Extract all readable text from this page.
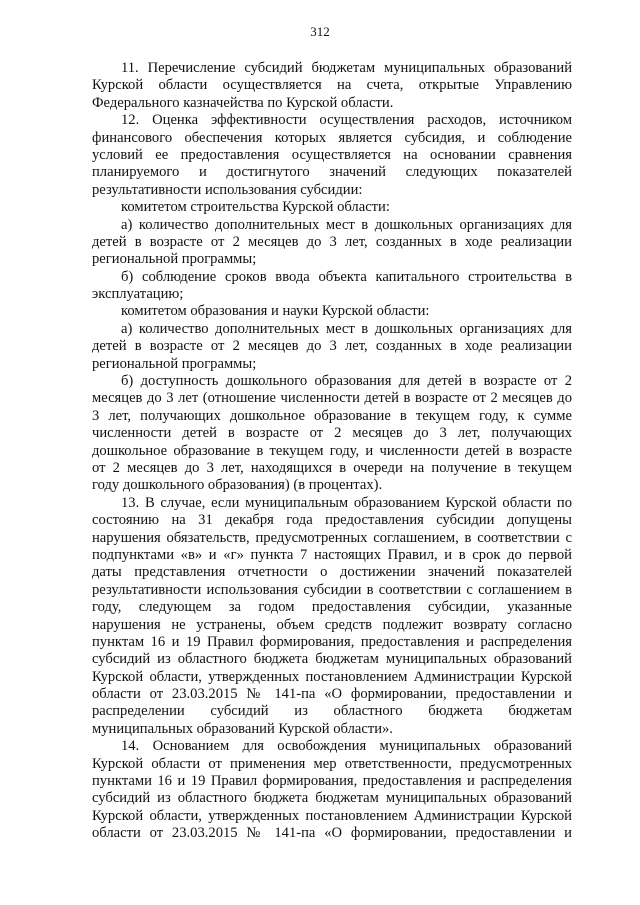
312
11. Перечисление субсидий бюджетам муниципальных образований
Курской области осуществляется на счета, открытые Управлению
Федерального казначейства по Курской области.
12. Оценка эффективности осуществления расходов, источником
финансового обеспечения которых является субсидия, и соблюдение
условий ее предоставления осуществляется на основании сравнения
планируемого и достигнутого значений следующих показателей
результативности использования субсидии:
комитетом строительства Курской области:
а) количество дополнительных мест в дошкольных организациях для
детей в возрасте от 2 месяцев до 3 лет, созданных в ходе реализации
региональной программы;
б) соблюдение сроков ввода объекта капитального строительства в
эксплуатацию;
комитетом образования и науки Курской области:
а) количество дополнительных мест в дошкольных организациях для
детей в возрасте от 2 месяцев до 3 лет, созданных в ходе реализации
региональной программы;
б) доступность дошкольного образования для детей в возрасте от 2
месяцев до 3 лет (отношение численности детей в возрасте от 2 месяцев до
3 лет, получающих дошкольное образование в текущем году, к сумме
численности детей в возрасте от 2 месяцев до 3 лет, получающих
дошкольное образование в текущем году, и численности детей в возрасте
от 2 месяцев до 3 лет, находящихся в очереди на получение в текущем
году дошкольного образования) (в процентах).
13. В случае, если муниципальным образованием Курской области по
состоянию на 31 декабря года предоставления субсидии допущены
нарушения обязательств, предусмотренных соглашением, в соответствии с
подпунктами «в» и «г» пункта 7 настоящих Правил, и в срок до первой
даты представления отчетности о достижении значений показателей
результативности использования субсидии в соответствии с соглашением в
году, следующем за годом предоставления субсидии, указанные
нарушения не устранены, объем средств подлежит возврату согласно
пунктам 16 и 19 Правил формирования, предоставления и распределения
субсидий из областного бюджета бюджетам муниципальных образований
Курской области, утвержденных постановлением Администрации Курской
области от 23.03.2015 № 141-па «О формировании, предоставлении и
распределении субсидий из областного бюджета бюджетам
муниципальных образований Курской области».
14. Основанием для освобождения муниципальных образований
Курской области от применения мер ответственности, предусмотренных
пунктами 16 и 19 Правил формирования, предоставления и распределения
субсидий из областного бюджета бюджетам муниципальных образований
Курской области, утвержденных постановлением Администрации Курской
области от 23.03.2015 № 141-па «О формировании, предоставлении и
